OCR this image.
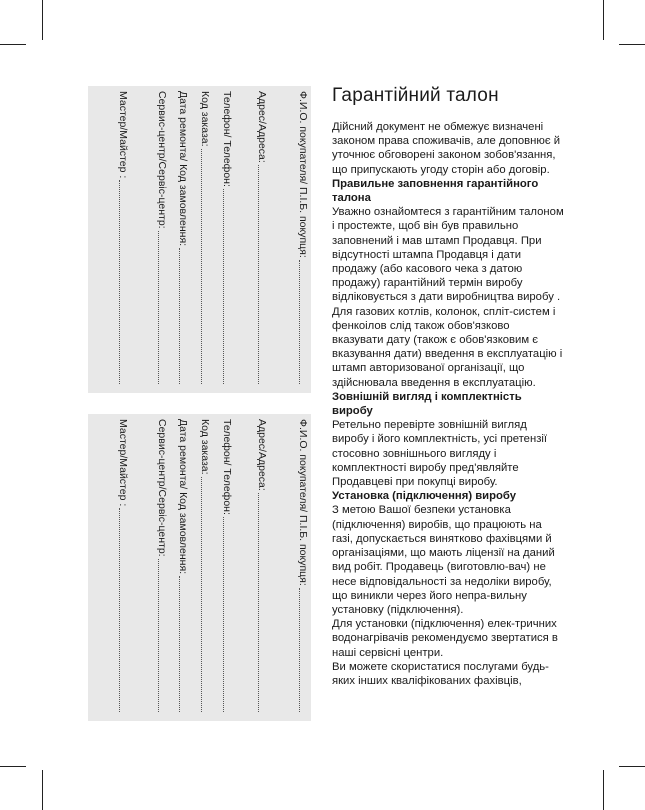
Ф.И.О. покупателя/ П.І.Б. покупця:
Адрес/Адреса:
Телефон/ Телефон:
Код заказа:
Дата ремонта/ Код замовлення:
Сервис-центр/Сервіс-центр:
Мастер/Майстер :
Ф.И.О. покупателя/ П.І.Б. покупця:
Адрес/Адреса:
Телефон/ Телефон:
Код заказа:
Дата ремонта/ Код замовлення:
Сервис-центр/Сервіс-центр:
Мастер/Майстер :
Гарантійний талон

Дійсний документ не обмежує визначені законом права споживачів, але доповнює й уточнює обговорені законом зобов'язання, що припускають угоду сторін або договір.

Правильне заповнення гарантійного талона

Уважно ознайомтеся з гарантійним талоном і простежте, щоб він був правильно заповнений і мав штамп Продавця. При відсутності штампа Продавця і дати продажу (або касового чека з датою продажу) гарантійний термін виробу відліковується з дати виробництва виробу . Для газових котлів, колонок, спліт-систем і фенкоілов слід також обов'язково вказувати дату (також є обов'язковим є вказування дати) введення в експлуатацію і штамп авторизованої організації, що здійснювала введення в експлуатацію.

Зовнішній вигляд і комплектність виробу

Ретельно перевірте зовнішній вигляд виробу і його комплектність, усі претензії стосовно зовнішнього вигляду і комплектності виробу пред'являйте Продавцеві при покупці виробу.

Установка (підключення) виробу

З метою Вашої безпеки установка (підключення) виробів, що працюють на газі, допускається винятково фахівцями й організаціями, що мають ліцензії на даний вид робіт. Продавець (виготовлю-вач) не несе відповідальності за недоліки виробу, що виникли через його непра-вильну установку (підключення).

Для установки (підключення) елек-тричних водонагрівачів рекомендуємо звертатися в наші сервісні центри.

Ви можете скористатися послугами будь-яких інших кваліфікованих фахівців,
